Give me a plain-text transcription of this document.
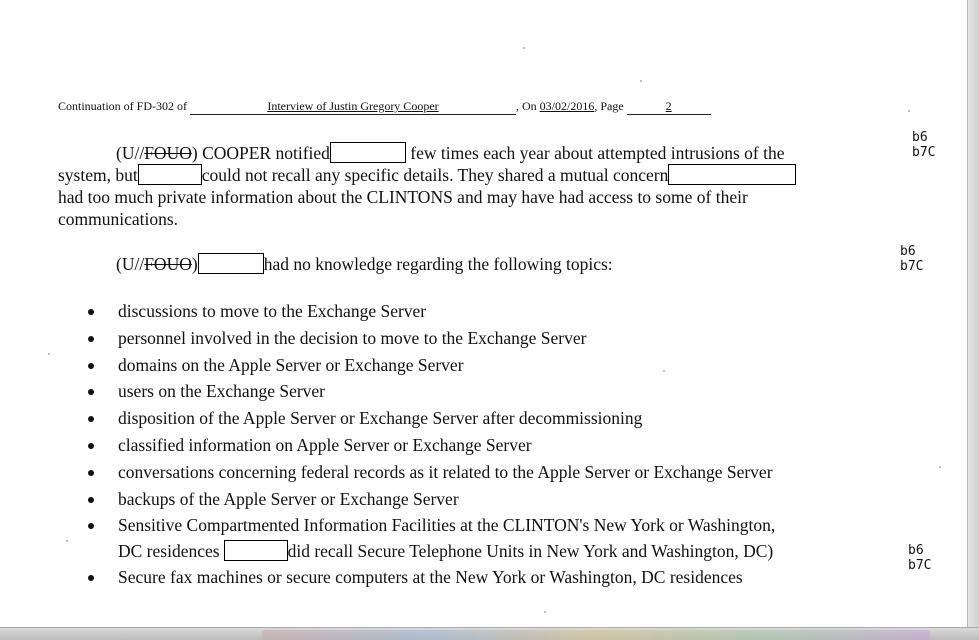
Continuation of FD-302 of	Interview of Justin Gregory Cooper	, On 03/02/2016, Page	2
(U//FOUO) COOPER notified	few times each year about attempted intrusions of the
system, but	could not recall any specific details. They shared a mutual concern
had too much private information about the CLINTONS and may have had access to some of their
communications.
b6
b7C
(U//FOUO)	had no knowledge regarding the following topics:
b6
b7C
discussions to move to the Exchange Server
personnel involved in the decision to move to the Exchange Server
domains on the Apple Server or Exchange Server
users on the Exchange Server
disposition of the Apple Server or Exchange Server after decommissioning
classified information on Apple Server or Exchange Server
conversations concerning federal records as it related to the Apple Server or Exchange Server
backups of the Apple Server or Exchange Server
Sensitive Compartmented Information Facilities at the CLINTON's New York or Washington,
DC residences	did recall Secure Telephone Units in New York and Washington, DC)
Secure fax machines or secure computers at the New York or Washington, DC residences
b6
b7C
